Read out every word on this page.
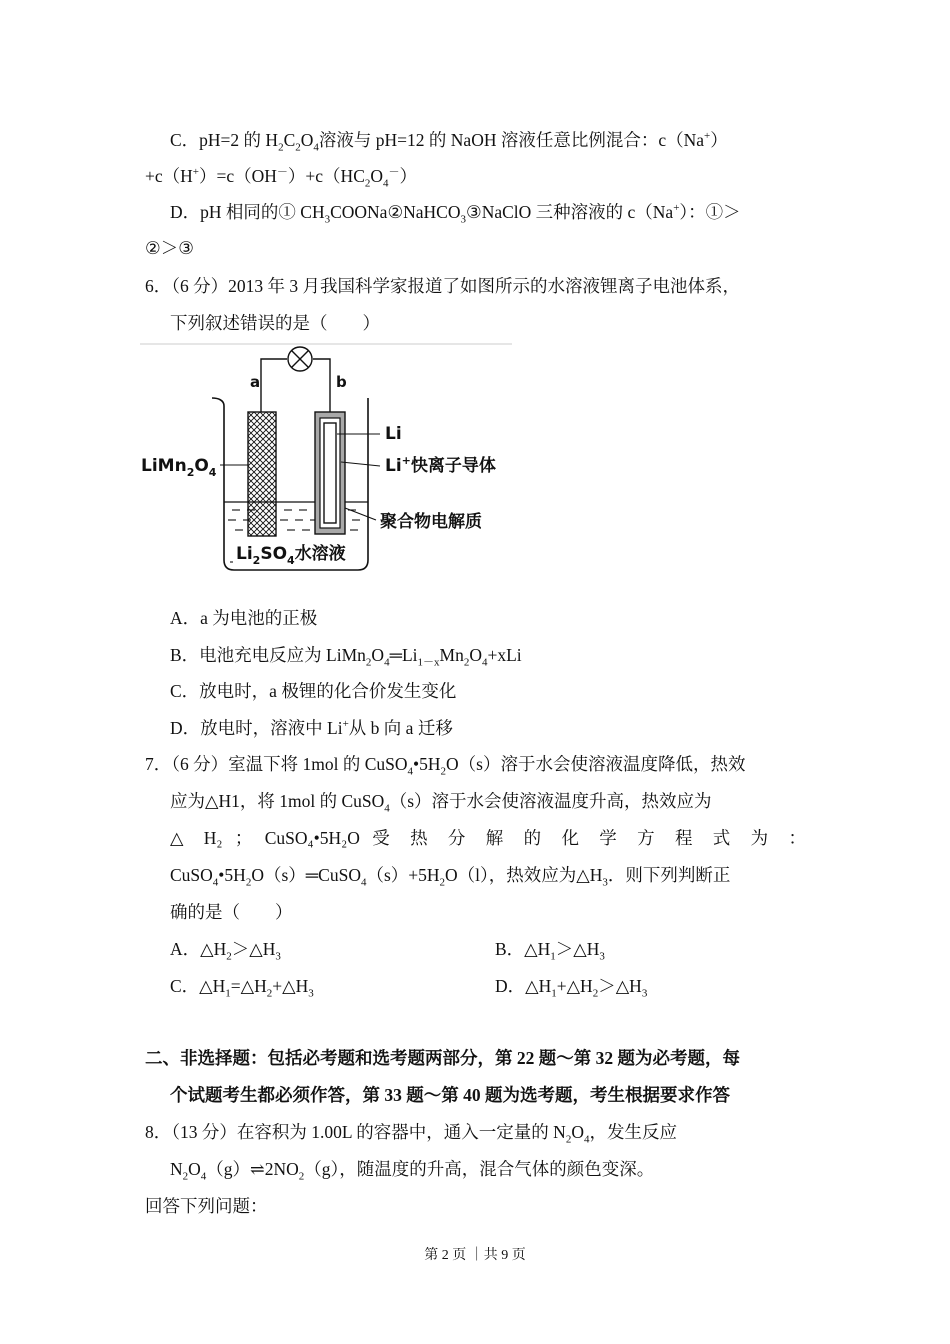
C．pH=2 的 $H_2C_2O_4$溶液与 pH=12 的 NaOH 溶液任意比例混合：c（Na+）
$+c(H^+)=c(OH^-)+c(HC_2O_4^-)$
D．pH 相同的① $CH_3COONa②NaHCO_3③NaClO$ 三种溶液的 c（Na+）：①＞
②＞③
6．（6 分）2013 年 3 月我国科学家报道了如图所示的水溶液锂离子电池体系，
下列叙述错误的是（　　）
a	b
Li
Li+快离子导体
聚合物电解质
$LiMn_2O_4$
$Li_2SO_4$水溶液
A．a 为电池的正极
B．电池充电反应为 $LiMn_2O_4═Li_{1-x}Mn_2O_4+xLi$
C．放电时，a 极锂的化合价发生变化
D．放电时，溶液中 Li+从 b 向 a 迁移
7．（6 分）室温下将 1mol 的 $CuSO_4•5H_2O(s)$溶于水会使溶液温度降低，热效
应为△H1，将 1mol 的 CuSO$_4$（s）溶于水会使溶液温度升高，热效应为
△ H₂ ； CuSO₄•5H₂O 受 热 分 解 的 化 学 方 程 式 为 ：
$CuSO_4•5H_2O(s)═CuSO_4(s)+5H_2O(l)$，热效应为$\triangle H_3$．则下列判断正
确的是（　　）
A．$\triangle H_2>\triangle H_3$	B．$\triangle H_1>\triangle H_3$
C．$\triangle H_1=\triangle H_2+\triangle H_3$	D．$\triangle H_1+\triangle H_2>\triangle H_3$
二、非选择题：包括必考题和选考题两部分，第 22 题～第 32 题为必考题，每
个试题考生都必须作答，第 33 题～第 40 题为选考题，考生根据要求作答
8．（13 分）在容积为 1.00L 的容器中，通入一定量的 $N_2O_4$，发生反应
$N_2O_4(g)\rightleftharpoons 2NO_2(g)$，随温度的升高，混合气体的颜色变深。
回答下列问题：
第 2 页 ｜共 9 页
